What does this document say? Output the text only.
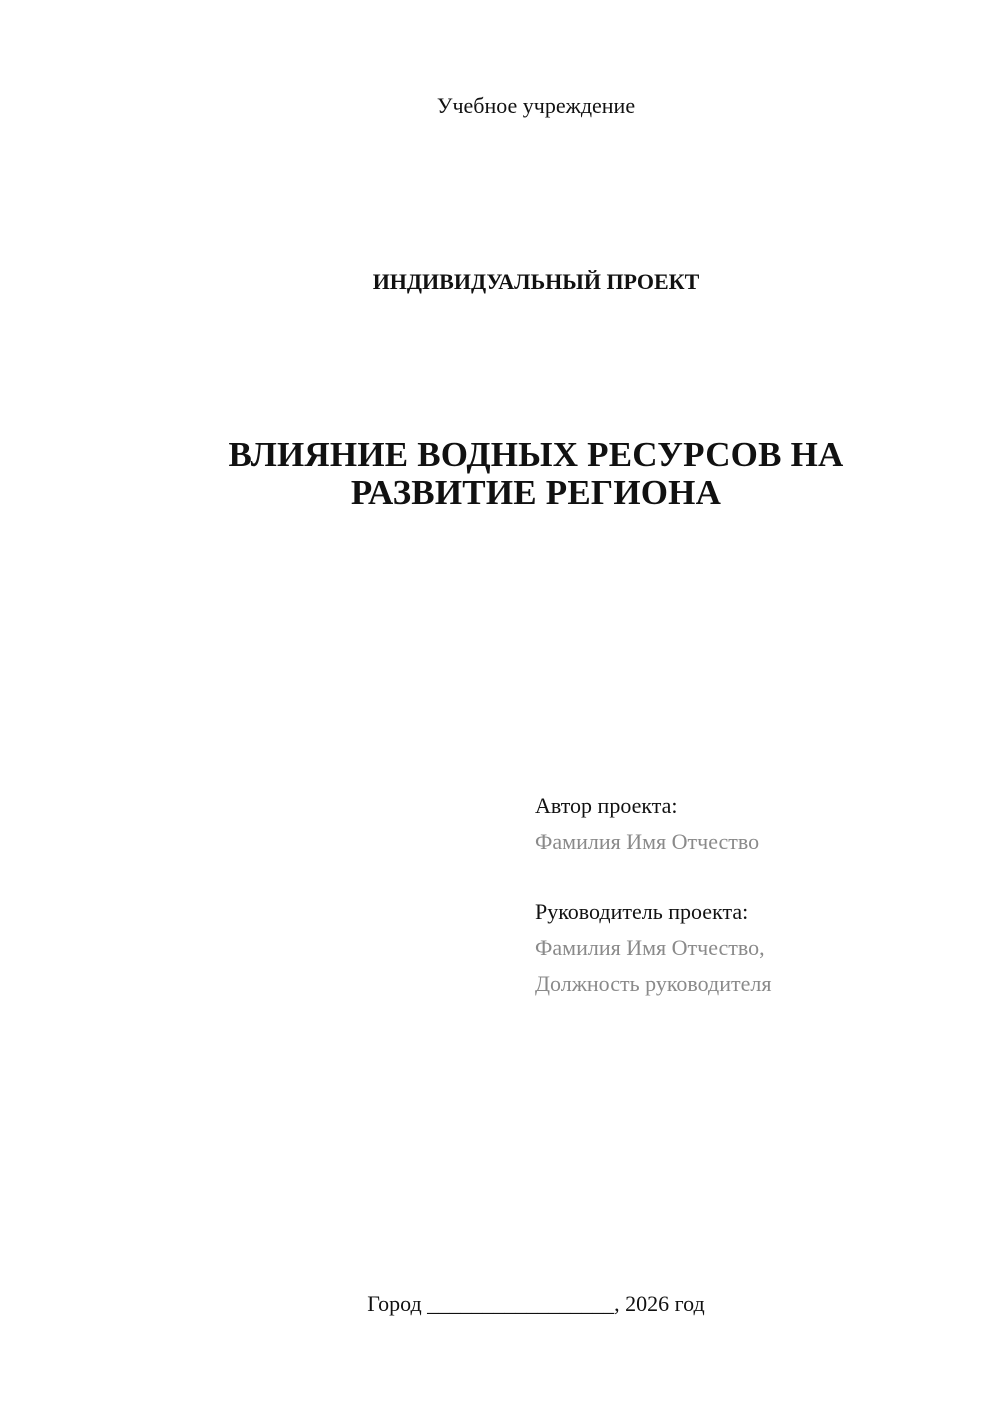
Учебное учреждение
ИНДИВИДУАЛЬНЫЙ ПРОЕКТ
ВЛИЯНИЕ ВОДНЫХ РЕСУРСОВ НА
РАЗВИТИЕ РЕГИОНА
Автор проекта:
Фамилия Имя Отчество
Руководитель проекта:
Фамилия Имя Отчество,
Должность руководителя
Город _________________, 2026 год
